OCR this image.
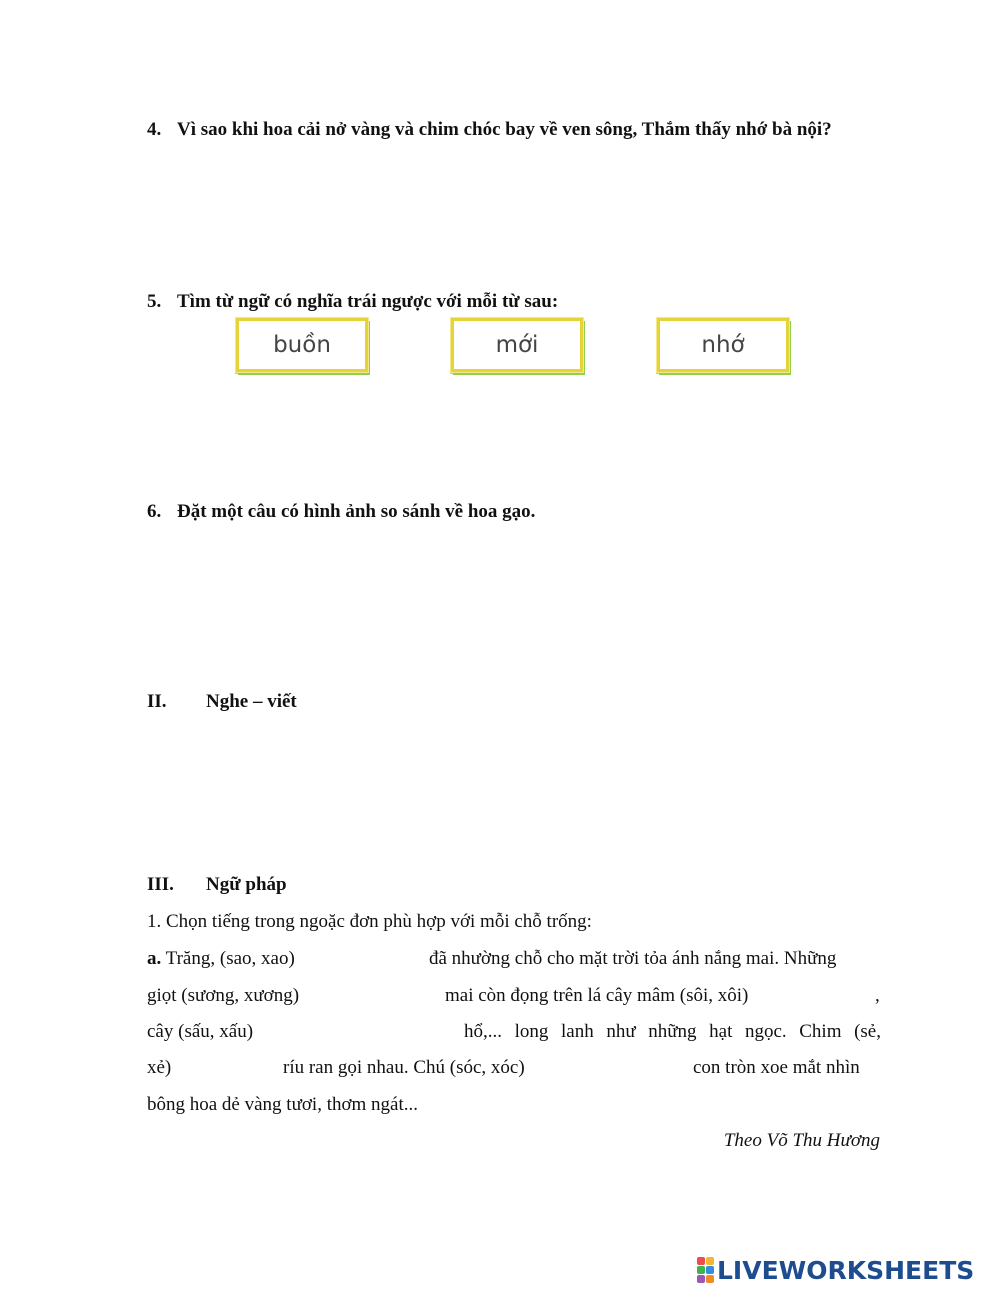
4. Vì sao khi hoa cải nở vàng và chim chóc bay về ven sông, Thắm thấy nhớ bà nội?
5. Tìm từ ngữ có nghĩa trái ngược với mỗi từ sau:
buồn	mới	nhớ
6. Đặt một câu có hình ảnh so sánh về hoa gạo.
II. Nghe – viết
III. Ngữ pháp
1. Chọn tiếng trong ngoặc đơn phù hợp với mỗi chỗ trống:
a. Trăng, (sao, xao)	đã nhường chỗ cho mặt trời tỏa ánh nắng mai. Những
giọt (sương, xương)	mai còn đọng trên lá cây mâm (sôi, xôi)	,
cây (sấu, xấu)	hổ,... long lanh như những hạt ngọc. Chim (sẻ,
xẻ)	ríu ran gọi nhau. Chú (sóc, xóc)	con tròn xoe mắt nhìn
bông hoa dẻ vàng tươi, thơm ngát...
Theo Võ Thu Hương
LIVEWORKSHEETS
